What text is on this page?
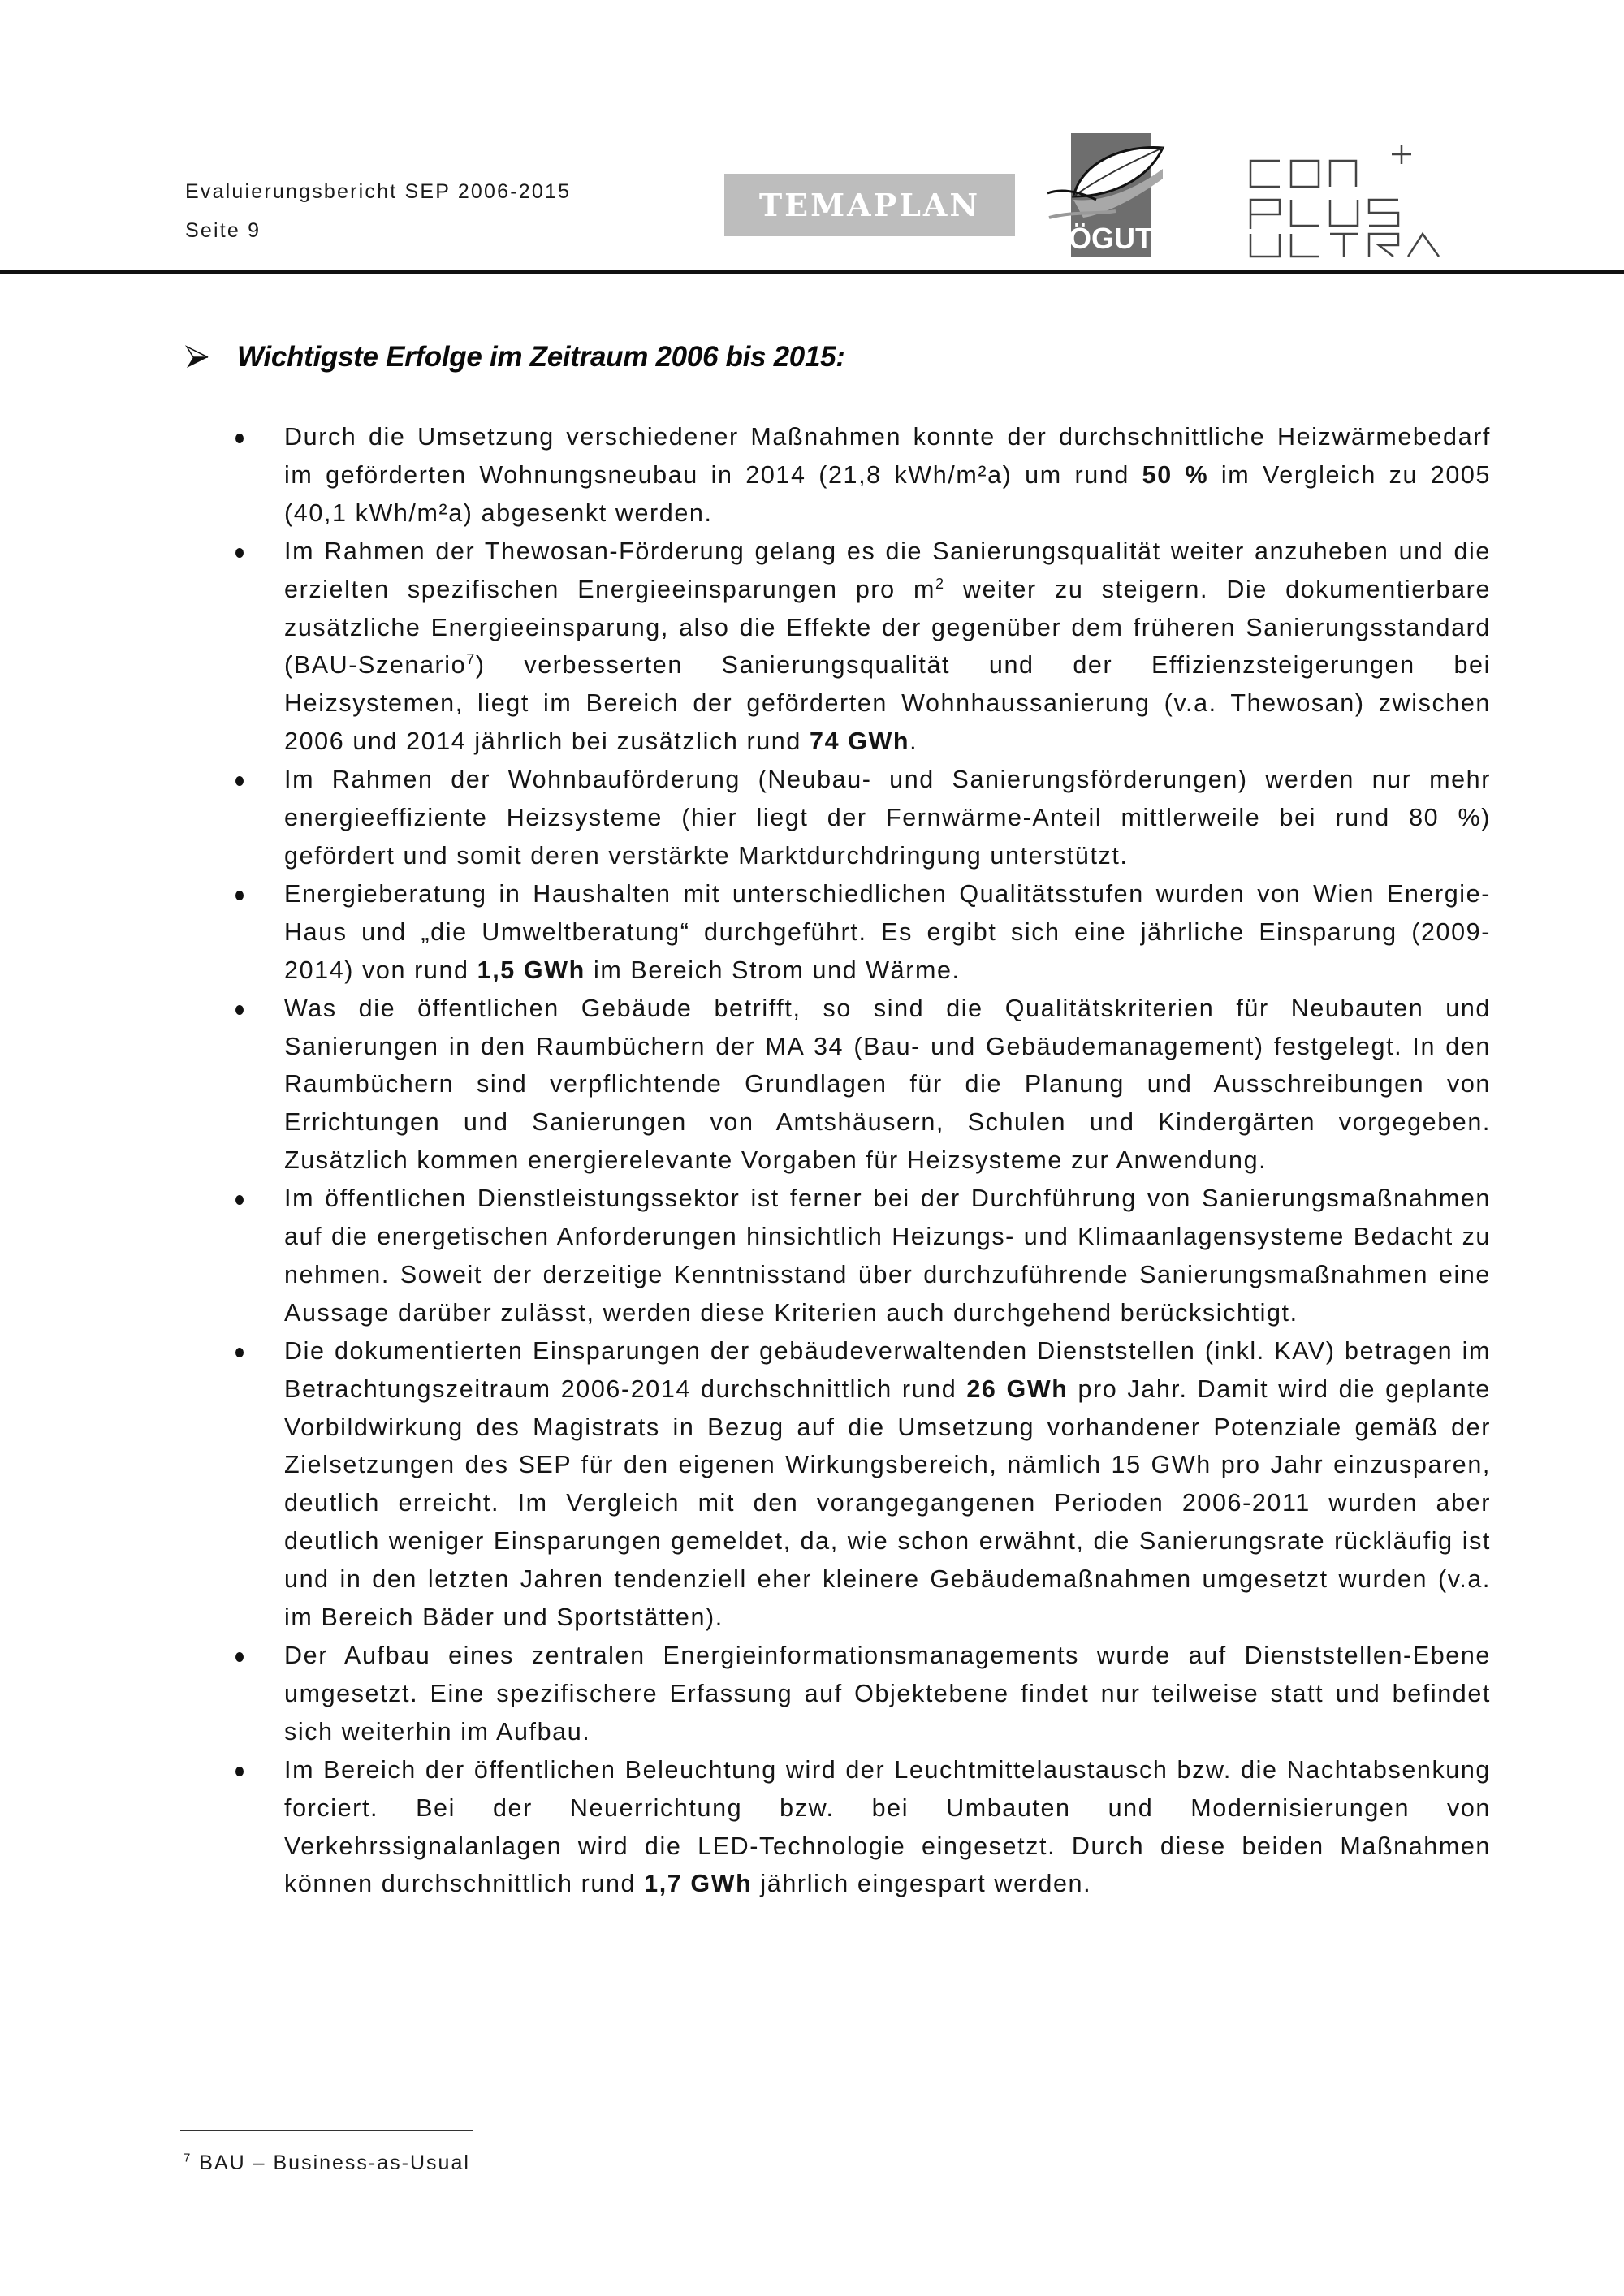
Evaluierungsbericht SEP 2006-2015
Seite 9
TEMAPLAN
ÖGUT
Wichtigste Erfolge im Zeitraum 2006 bis 2015:
Durch die Umsetzung verschiedener Maßnahmen konnte der durchschnittliche Heizwärmebedarf im geförderten Wohnungsneubau in 2014 (21,8 kWh/m²a) um rund 50 % im Vergleich zu 2005 (40,1 kWh/m²a) abgesenkt werden.
Im Rahmen der Thewosan-Förderung gelang es die Sanierungsqualität weiter anzuheben und die erzielten spezifischen Energieeinsparungen pro $m^2$ weiter zu steigern. Die dokumentierbare zusätzliche Energieeinsparung, also die Effekte der gegenüber dem früheren Sanierungsstandard (BAU-Szenario$^7$) verbesserten Sanierungsqualität und der Effizienzsteigerungen bei Heizsystemen, liegt im Bereich der geförderten Wohnhaussanierung (v.a. Thewosan) zwischen 2006 und 2014 jährlich bei zusätzlich rund 74 GWh.
Im Rahmen der Wohnbauförderung (Neubau- und Sanierungsförderungen) werden nur mehr energieeffiziente Heizsysteme (hier liegt der Fernwärme-Anteil mittlerweile bei rund 80 %) gefördert und somit deren verstärkte Marktdurchdringung unterstützt.
Energieberatung in Haushalten mit unterschiedlichen Qualitätsstufen wurden von Wien Energie-Haus und „die Umweltberatung“ durchgeführt. Es ergibt sich eine jährliche Einsparung (2009-2014) von rund 1,5 GWh im Bereich Strom und Wärme.
Was die öffentlichen Gebäude betrifft, so sind die Qualitätskriterien für Neubauten und Sanierungen in den Raumbüchern der MA 34 (Bau- und Gebäudemanagement) festgelegt. In den Raumbüchern sind verpflichtende Grundlagen für die Planung und Ausschreibungen von Errichtungen und Sanierungen von Amtshäusern, Schulen und Kindergärten vorgegeben. Zusätzlich kommen energierelevante Vorgaben für Heizsysteme zur Anwendung.
Im öffentlichen Dienstleistungssektor ist ferner bei der Durchführung von Sanierungsmaßnahmen auf die energetischen Anforderungen hinsichtlich Heizungs- und Klimaanlagensysteme Bedacht zu nehmen. Soweit der derzeitige Kenntnisstand über durchzuführende Sanierungsmaßnahmen eine Aussage darüber zulässt, werden diese Kriterien auch durchgehend berücksichtigt.
Die dokumentierten Einsparungen der gebäudeverwaltenden Dienststellen (inkl. KAV) betragen im Betrachtungszeitraum 2006-2014 durchschnittlich rund 26 GWh pro Jahr. Damit wird die geplante Vorbildwirkung des Magistrats in Bezug auf die Umsetzung vorhandener Potenziale gemäß der Zielsetzungen des SEP für den eigenen Wirkungsbereich, nämlich 15 GWh pro Jahr einzusparen, deutlich erreicht. Im Vergleich mit den vorangegangenen Perioden 2006-2011 wurden aber deutlich weniger Einsparungen gemeldet, da, wie schon erwähnt, die Sanierungsrate rückläufig ist und in den letzten Jahren tendenziell eher kleinere Gebäudemaßnahmen umgesetzt wurden (v.a. im Bereich Bäder und Sportstätten).
Der Aufbau eines zentralen Energieinformationsmanagements wurde auf Dienststellen-Ebene umgesetzt. Eine spezifischere Erfassung auf Objektebene findet nur teilweise statt und befindet sich weiterhin im Aufbau.
Im Bereich der öffentlichen Beleuchtung wird der Leuchtmittelaustausch bzw. die Nachtabsenkung forciert. Bei der Neuerrichtung bzw. bei Umbauten und Modernisierungen von Verkehrssignalanlagen wird die LED-Technologie eingesetzt. Durch diese beiden Maßnahmen können durchschnittlich rund 1,7 GWh jährlich eingespart werden.
$^7$ BAU – Business-as-Usual
